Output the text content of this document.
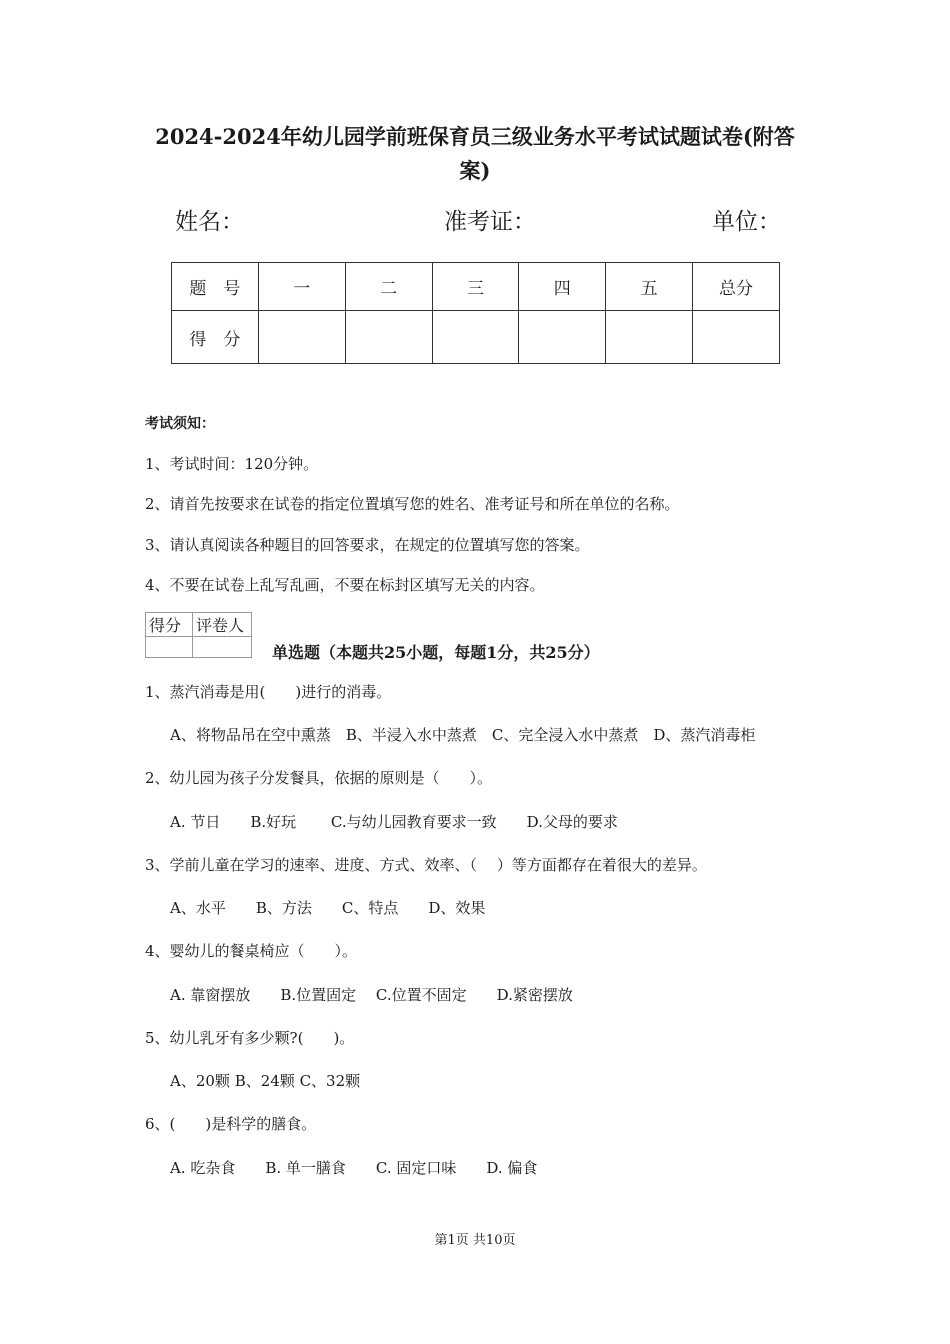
2024-2024年幼儿园学前班保育员三级业务水平考试试题试卷(附答
案)
姓名：	准考证：	单位：
题　号	一	二	三	四	五	总分
得　分						
考试须知：
1、考试时间：120分钟。
2、请首先按要求在试卷的指定位置填写您的姓名、准考证号和所在单位的名称。
3、请认真阅读各种题目的回答要求，在规定的位置填写您的答案。
4、不要在试卷上乱写乱画，不要在标封区填写无关的内容。
得分	评卷人

单选题（本题共25小题，每题1分，共25分）
1、蒸汽消毒是用(　　)进行的消毒。
A、将物品吊在空中熏蒸　B、半浸入水中蒸煮　C、完全浸入水中蒸煮　D、蒸汽消毒柜
2、幼儿园为孩子分发餐具，依据的原则是（　　）。
A. 节日　　B.好玩　　 C.与幼儿园教育要求一致　　D.父母的要求
3、学前儿童在学习的速率、进度、方式、效率、（　 ）等方面都存在着很大的差异。
A、水平　　B、方法　　C、特点　　D、效果
4、婴幼儿的餐桌椅应（　　）。
A. 靠窗摆放　　B.位置固定　 C.位置不固定　　D.紧密摆放
5、幼儿乳牙有多少颗?(　　)。
A、20颗 B、24颗 C、32颗
6、(　　)是科学的膳食。
A. 吃杂食　　B. 单一膳食　　C. 固定口味　　D. 偏食
第1页 共10页
